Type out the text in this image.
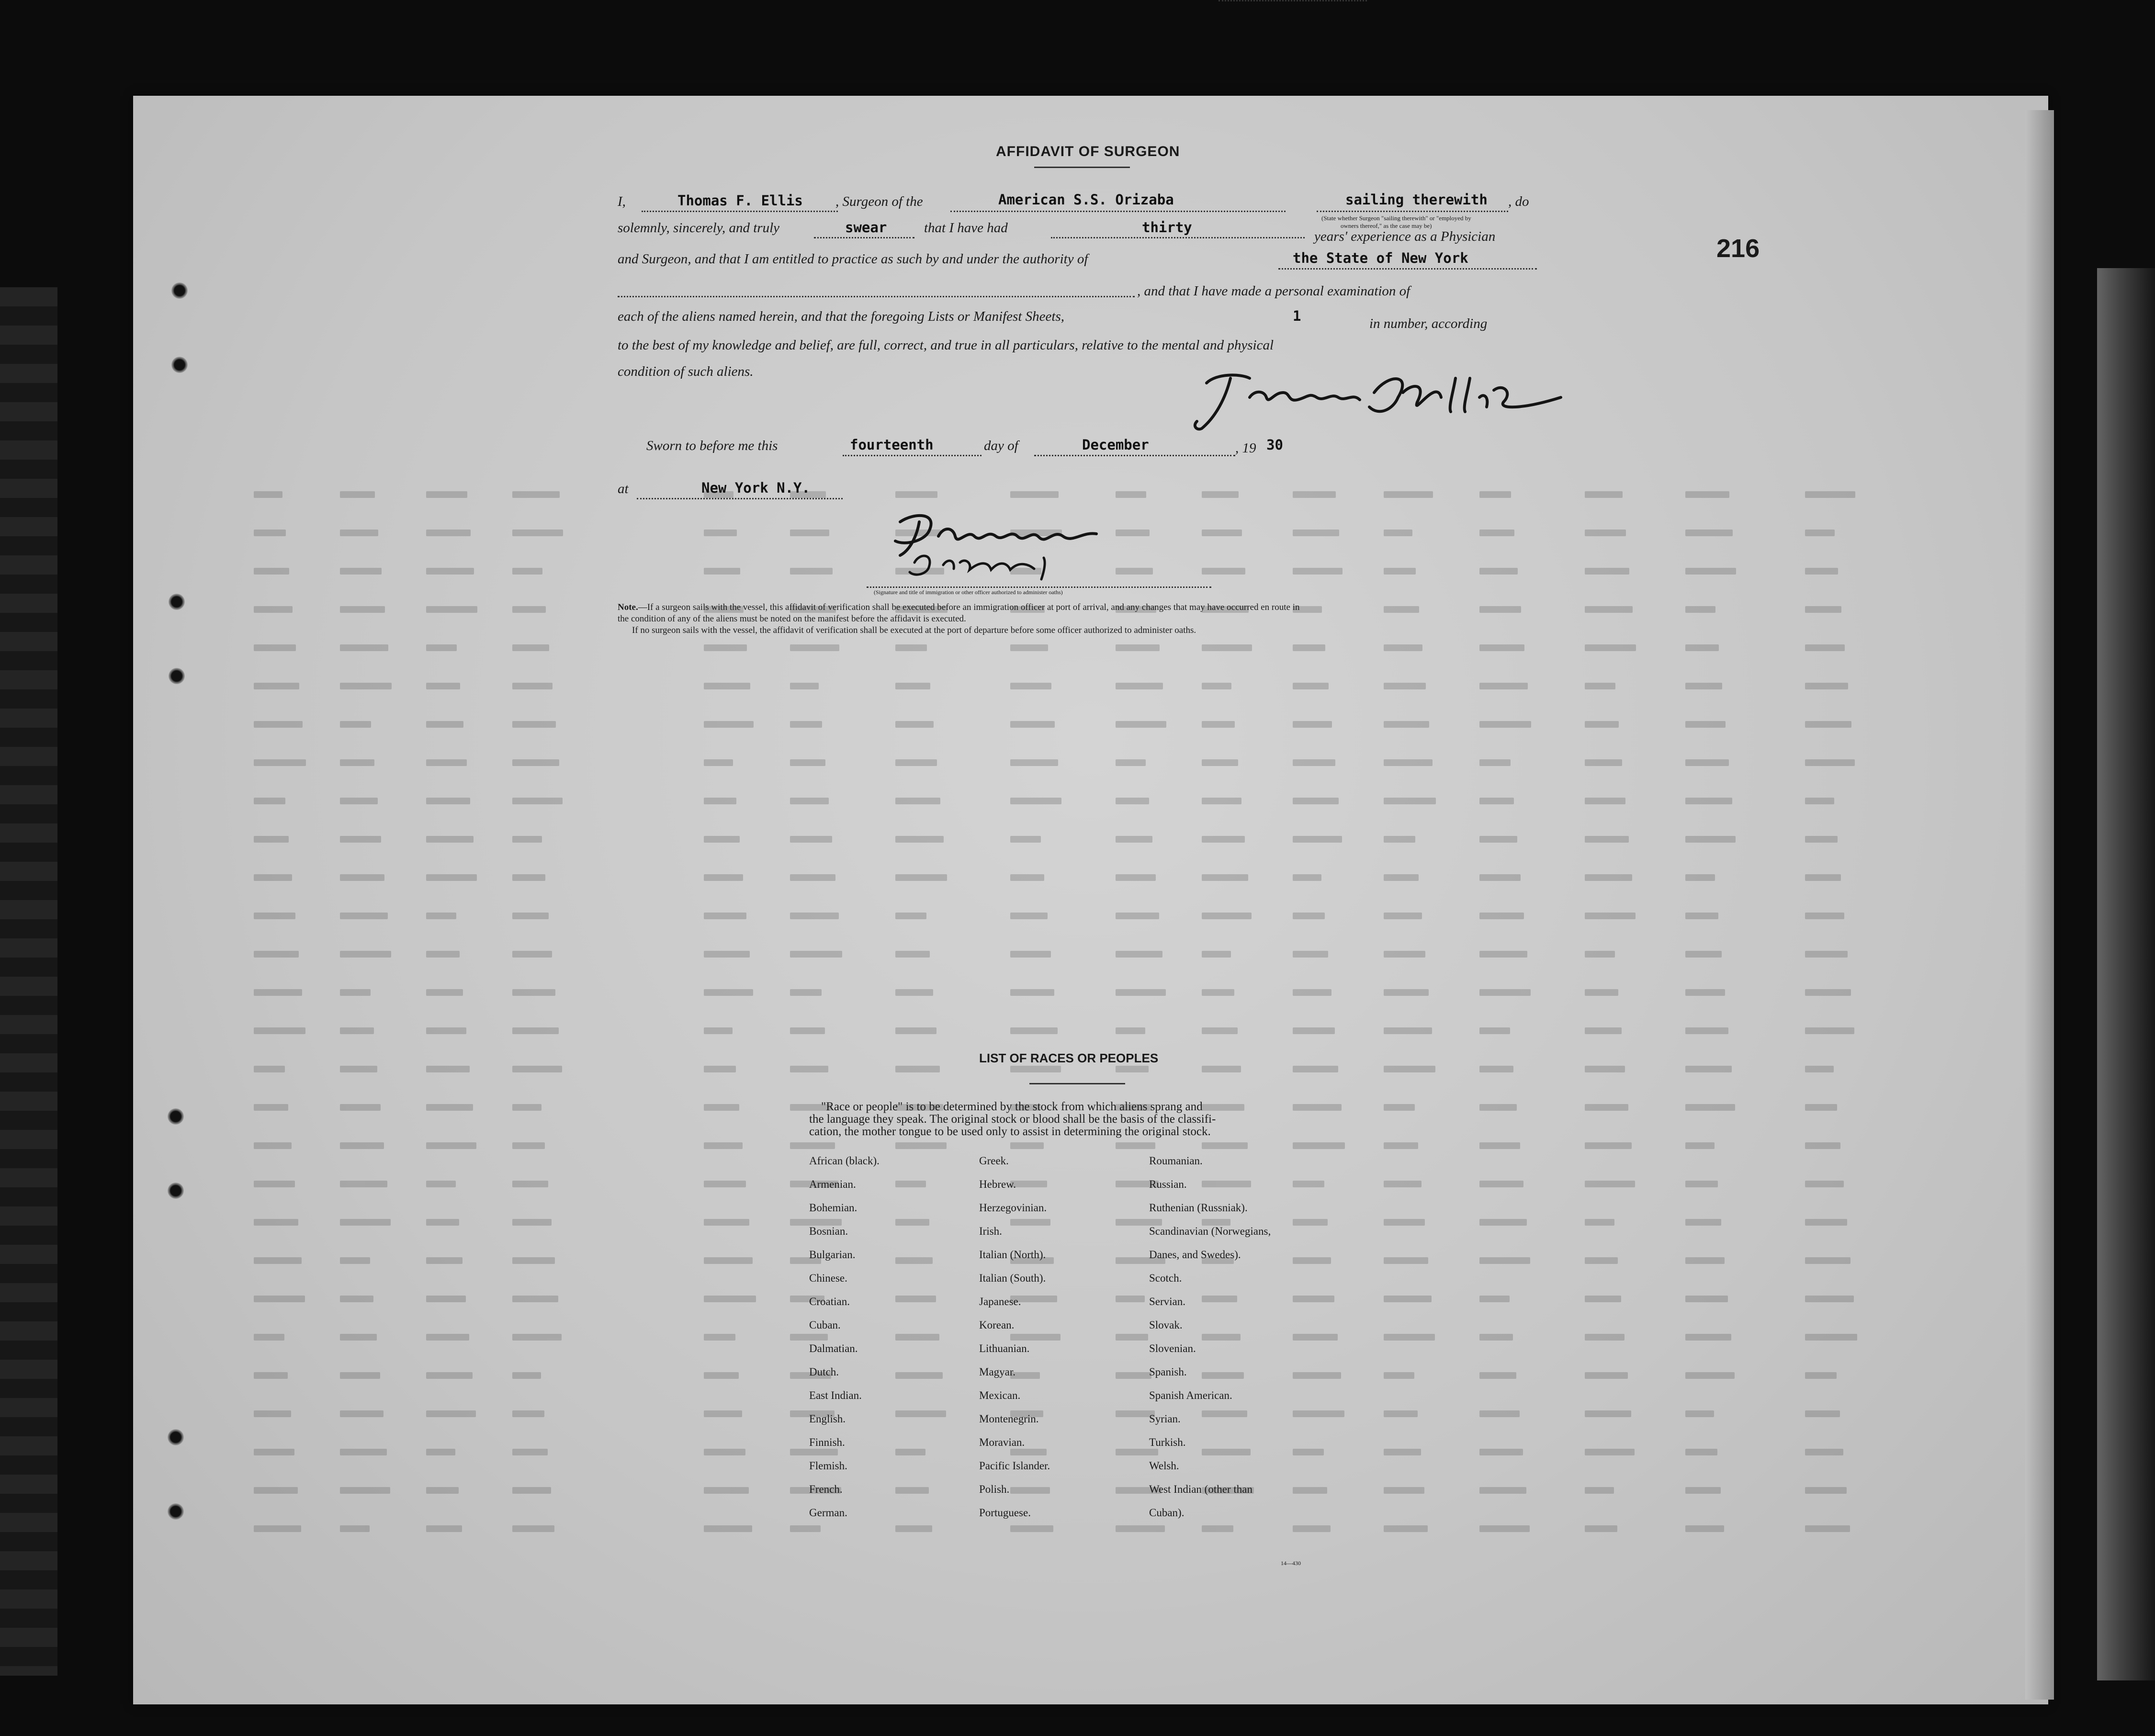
AFFIDAVIT OF SURGEON
216
I,	Thomas F. Ellis , Surgeon of the	American S.S. Orizaba	sailing therewith
(State whether Surgeon "sailing therewith" or "employed by
owners thereof," as the case may be)
, do
solemnly, sincerely, and truly	swear	that I have had	thirty
years' experience as a Physician
and Surgeon, and that I am entitled to practice as such by and under the authority of	the State of New York
, and that I have made a personal examination of
each of the aliens named herein, and that the foregoing Lists or Manifest Sheets,	1	in number, according
to the best of my knowledge and belief, are full, correct, and true in all particulars, relative to the mental and physical
condition of such aliens.
Sworn to before me this	fourteenth	day of	December	, 19 30
at	New York N.Y.
(Signature and title of immigration or other officer authorized to administer oaths)
Note.—If a surgeon sails with the vessel, this affidavit of verification shall be executed before an immigration officer at port of arrival, and any changes that may have occurred en route in
the condition of any of the aliens must be noted on the manifest before the affidavit is executed.
If no surgeon sails with the vessel, the affidavit of verification shall be executed at the port of departure before some officer authorized to administer oaths.
LIST OF RACES OR PEOPLES
"Race or people" is to be determined by the stock from which aliens sprang and
the language they speak. The original stock or blood shall be the basis of the classifi-
cation, the mother tongue to be used only to assist in determining the original stock.
African (black).
Armenian.
Bohemian.
Bosnian.
Bulgarian.
Chinese.
Croatian.
Cuban.
Dalmatian.
Dutch.
East Indian.
English.
Finnish.
Flemish.
French.
German.
Greek.
Hebrew.
Herzegovinian.
Irish.
Italian (North).
Italian (South).
Japanese.
Korean.
Lithuanian.
Magyar.
Mexican.
Montenegrin.
Moravian.
Pacific Islander.
Polish.
Portuguese.
Roumanian.
Russian.
Ruthenian (Russniak).
Scandinavian (Norwegians,
Danes, and Swedes).
Scotch.
Servian.
Slovak.
Slovenian.
Spanish.
Spanish American.
Syrian.
Turkish.
Welsh.
West Indian (other than
Cuban).
14—430
